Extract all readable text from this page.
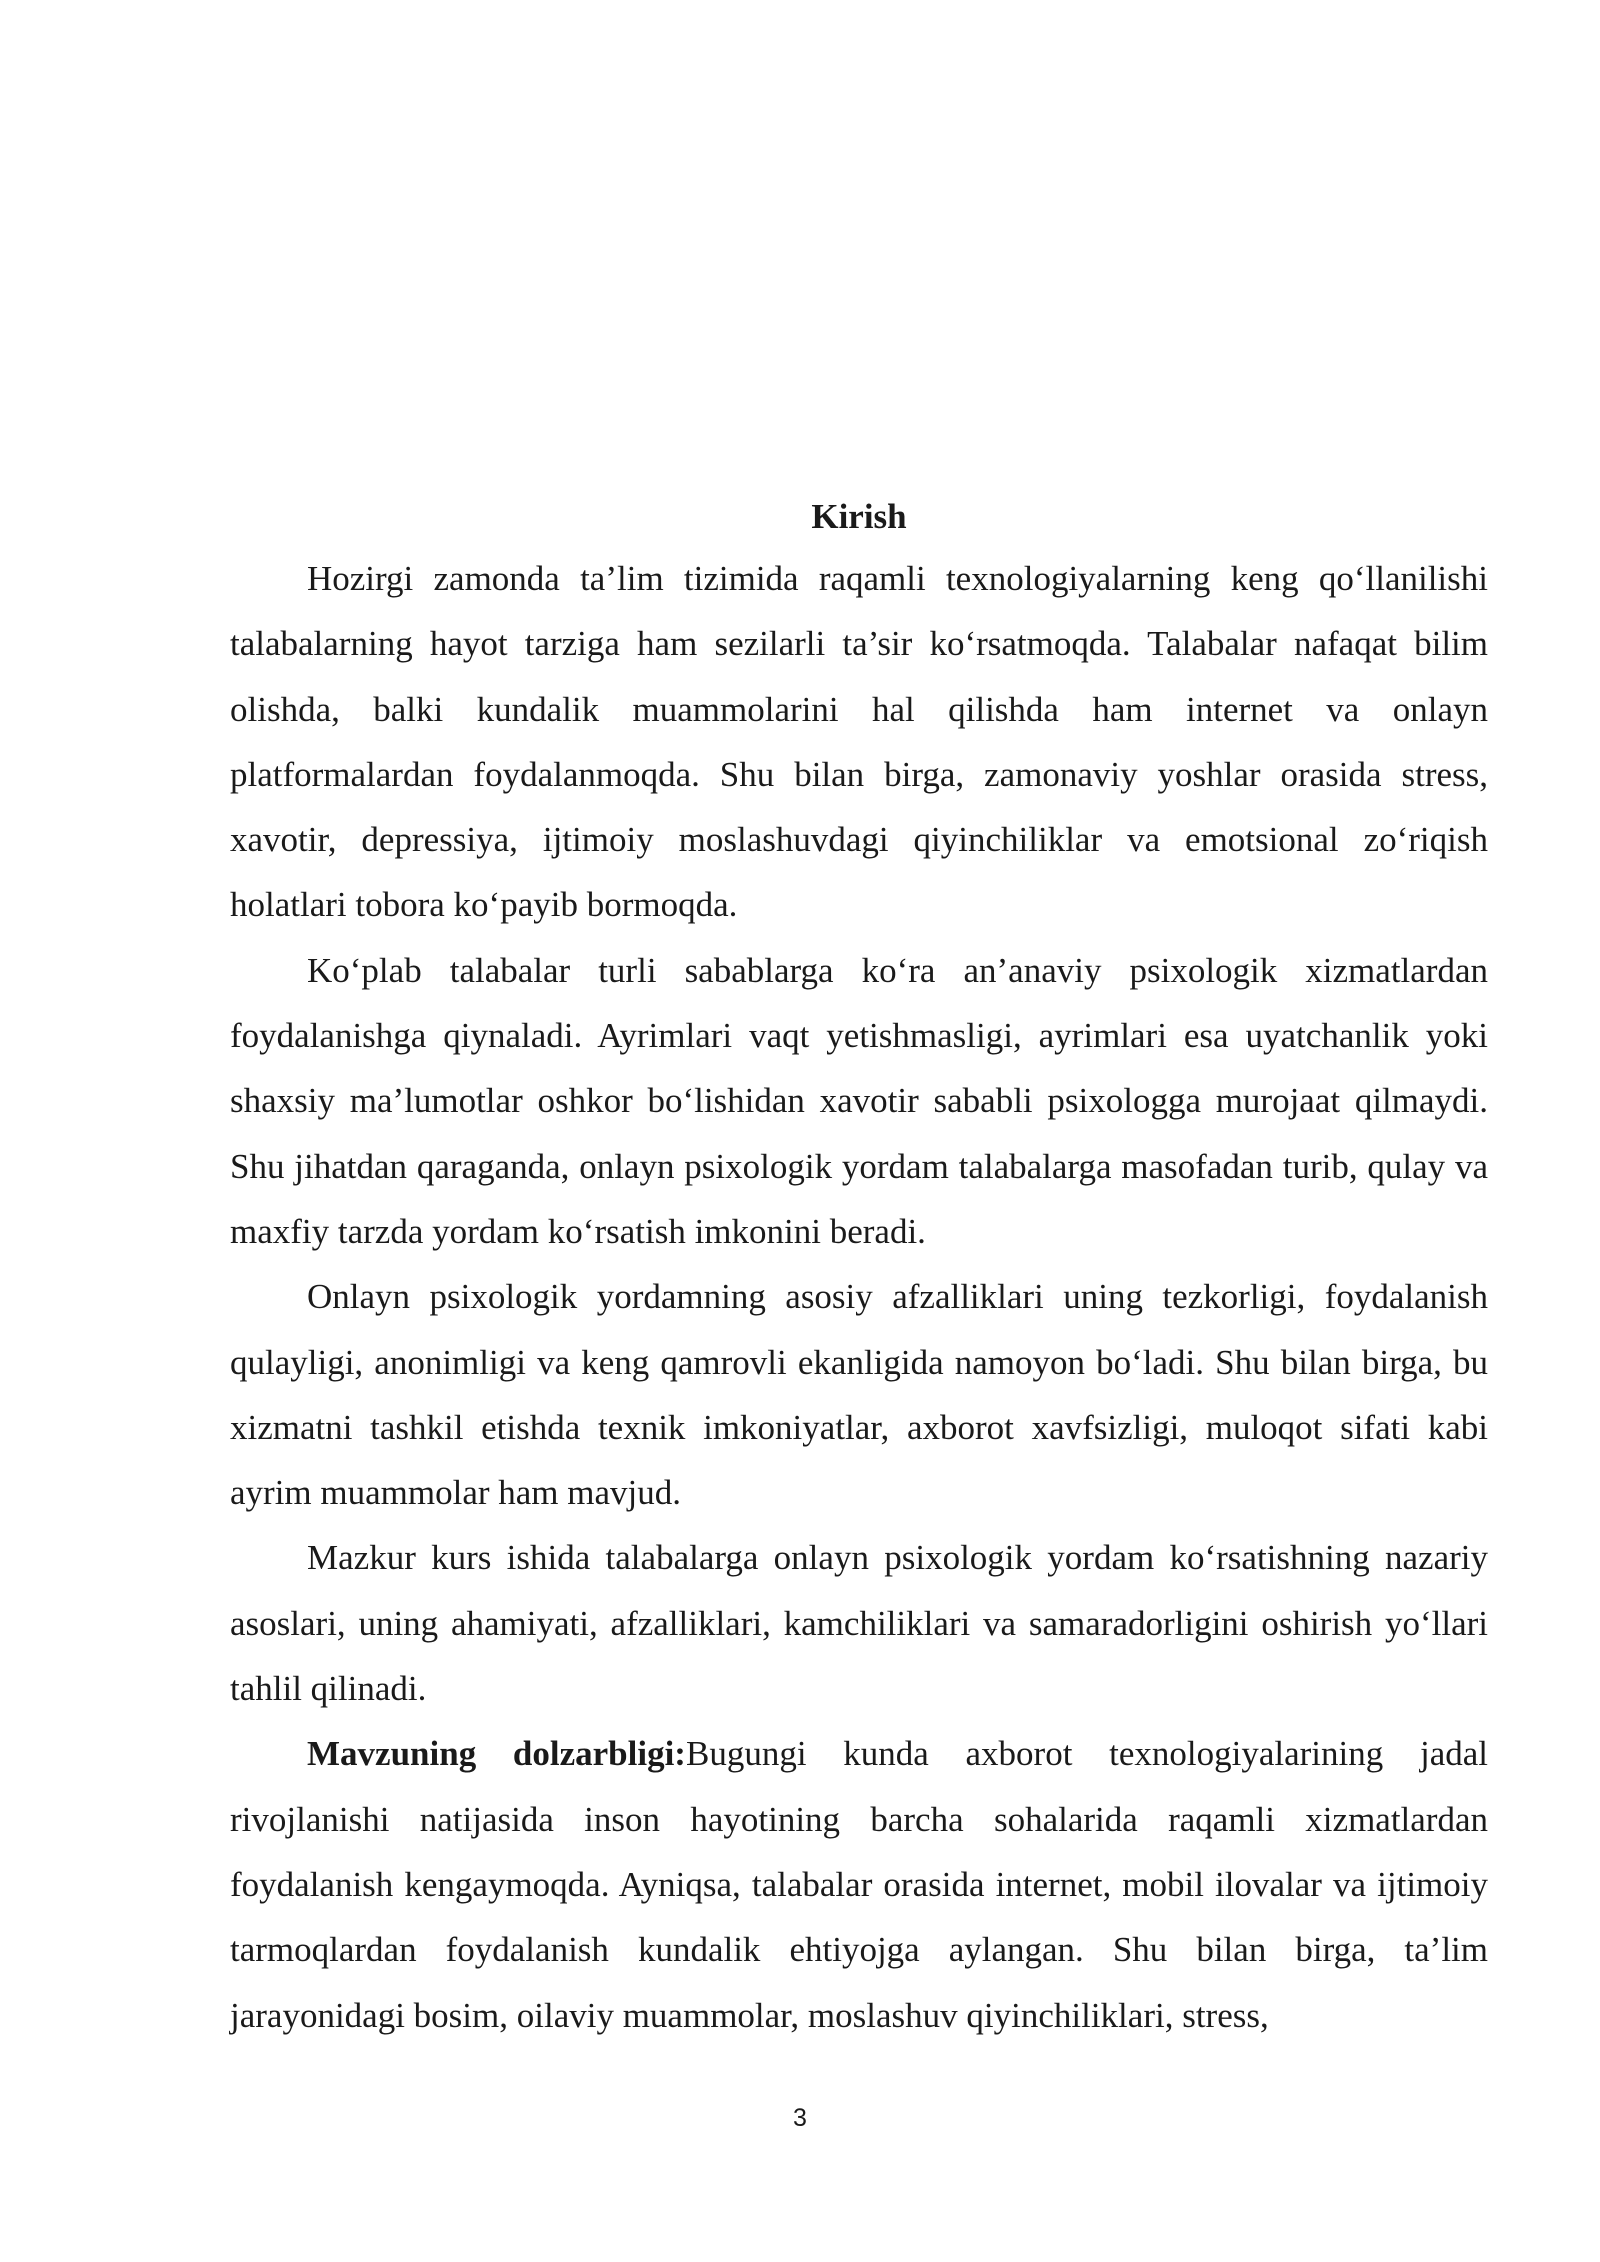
Kirish

Hozirgi zamonda ta’lim tizimida raqamli texnologiyalarning keng qo‘llanilishi talabalarning hayot tarziga ham sezilarli ta’sir ko‘rsatmoqda. Talabalar nafaqat bilim olishda, balki kundalik muammolarini hal qilishda ham internet va onlayn platformalardan foydalanmoqda. Shu bilan birga, zamonaviy yoshlar orasida stress, xavotir, depressiya, ijtimoiy moslashuvdagi qiyinchiliklar va emotsional zo‘riqish holatlari tobora ko‘payib bormoqda.

Ko‘plab talabalar turli sabablarga ko‘ra an’anaviy psixologik xizmatlardan foydalanishga qiynaladi. Ayrimlari vaqt yetishmasligi, ayrimlari esa uyatchanlik yoki shaxsiy ma’lumotlar oshkor bo‘lishidan xavotir sababli psixologga murojaat qilmaydi. Shu jihatdan qaraganda, onlayn psixologik yordam talabalarga masofadan turib, qulay va maxfiy tarzda yordam ko‘rsatish imkonini beradi.

Onlayn psixologik yordamning asosiy afzalliklari uning tezkorligi, foydalanish qulayligi, anonimligi va keng qamrovli ekanligida namoyon bo‘ladi. Shu bilan birga, bu xizmatni tashkil etishda texnik imkoniyatlar, axborot xavfsizligi, muloqot sifati kabi ayrim muammolar ham mavjud.

Mazkur kurs ishida talabalarga onlayn psixologik yordam ko‘rsatishning nazariy asoslari, uning ahamiyati, afzalliklari, kamchiliklari va samaradorligini oshirish yo‘llari tahlil qilinadi.

Mavzuning dolzarbligi:Bugungi kunda axborot texnologiyalarining jadal rivojlanishi natijasida inson hayotining barcha sohalarida raqamli xizmatlardan foydalanish kengaymoqda. Ayniqsa, talabalar orasida internet, mobil ilovalar va ijtimoiy tarmoqlardan foydalanish kundalik ehtiyojga aylangan. Shu bilan birga, ta’lim jarayonidagi bosim, oilaviy muammolar, moslashuv qiyinchiliklari, stress,

3
